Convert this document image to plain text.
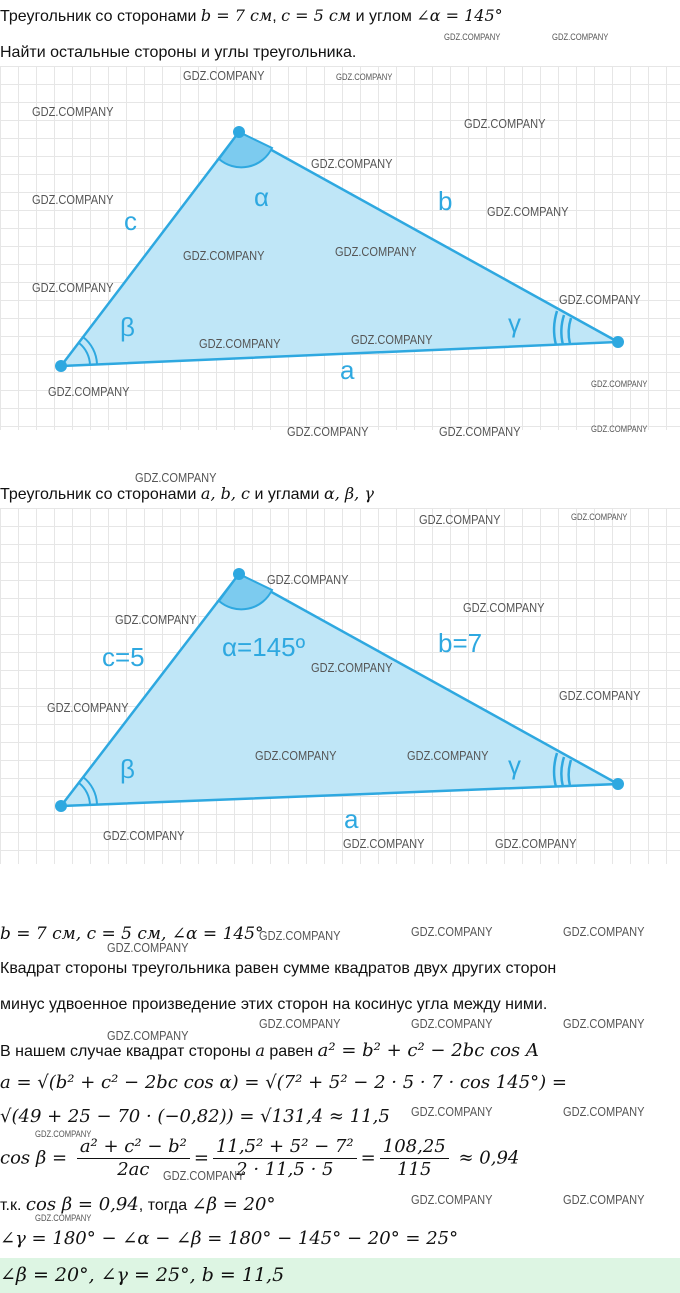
Треугольник со сторонами b = 7 см, c = 5 см и углом ∠α = 145°
Найти остальные стороны и углы треугольника.
c
b
a
α
β	γ
Треугольник со сторонами a, b, c и углами α, β, γ
c=5	b=7
a
α=145º
β	γ
b = 7 см, c = 5 см, ∠α = 145°
Квадрат стороны треугольника равен сумме квадратов двух других сторон
минус удвоенное произведение этих сторон на косинус угла между ними.
В нашем случае квадрат стороны a равен a² = b² + c² − 2bc cos A
a = √(b² + c² − 2bc cos α) = √(7² + 5² − 2 · 5 · 7 · cos 145°) =
√(49 + 25 − 70 · (−0,82)) = √131,4 ≈ 11,5
$\cos \beta = \frac{\text{a² + c² − b²}}{2ac} = \frac{\text{11,5² + 5² − 7²}}{2 \cdot 11,5 \cdot 5} = \frac{108,25}{115} \approx 0,94$
т.к. cos β = 0,94, тогда ∠β = 20°
∠γ = 180° − ∠α − ∠β = 180° − 145° − 20° = 25°
∠β = 20°, ∠γ = 25°, b = 11,5
GDZ.COMPANY	GDZ.COMPANY
GDZ.COMPANY	GDZ.COMPANY
GDZ.COMPANY
GDZ.COMPANY
GDZ.COMPANY
GDZ.COMPANY
GDZ.COMPANY
GDZ.COMPANY
GDZ.COMPANY
GDZ.COMPANY
GDZ.COMPANY
GDZ.COMPANY
GDZ.COMPANY
GDZ.COMPANY	GDZ.COMPANY
GDZ.COMPANY	GDZ.COMPANY	GDZ.COMPANY
GDZ.COMPANY
GDZ.COMPANY	GDZ.COMPANY
GDZ.COMPANY
GDZ.COMPANY
GDZ.COMPANY
GDZ.COMPANY
GDZ.COMPANY
GDZ.COMPANY
GDZ.COMPANY	GDZ.COMPANY
GDZ.COMPANY
GDZ.COMPANY	GDZ.COMPANY
GDZ.COMPANY	GDZ.COMPANY	GDZ.COMPANY
GDZ.COMPANY
GDZ.COMPANY	GDZ.COMPANY	GDZ.COMPANY
GDZ.COMPANY
GDZ.COMPANY	GDZ.COMPANY
GDZ.COMPANY
GDZ.COMPANY
GDZ.COMPANY	GDZ.COMPANY
GDZ.COMPANY
